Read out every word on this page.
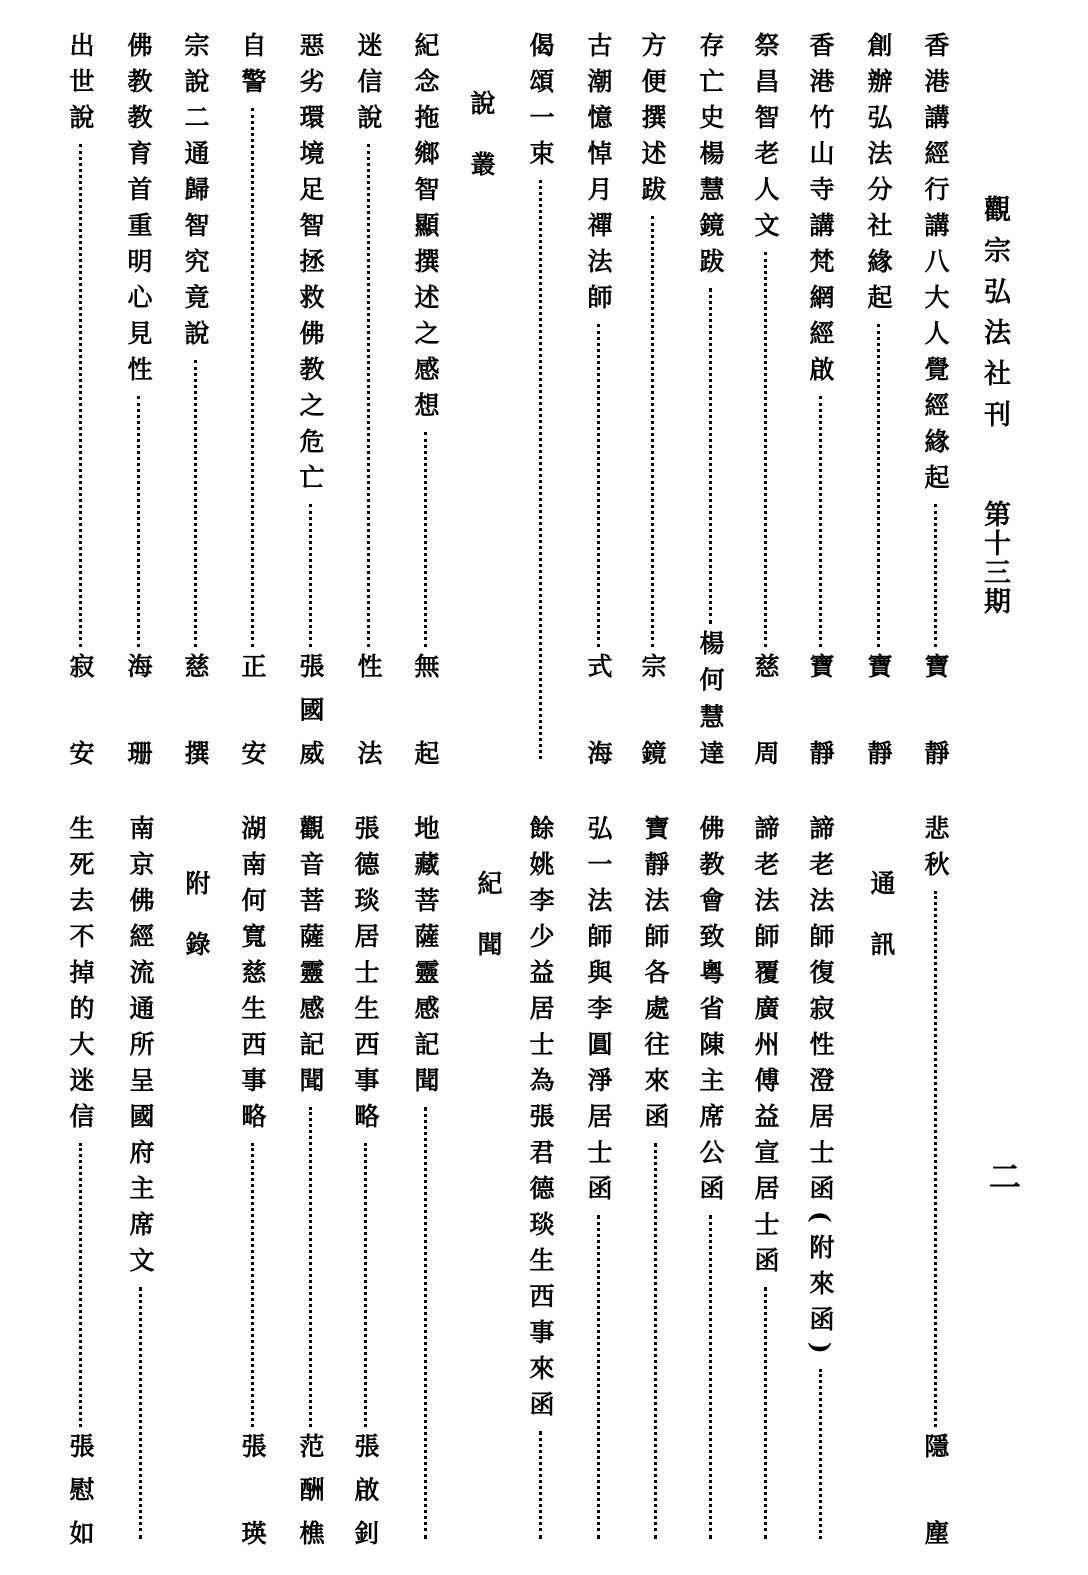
觀宗弘法社刊
第十三期
二
香港講經行講八大人覺經緣起
寶靜
創辦弘法分社緣起
寶靜
香港竹山寺講梵網經啟
寶靜
祭昌智老人文
慈周
存亡史楊慧鏡跋
楊何慧達
方便撰述跋
宗鏡
古潮憶悼月禪法師
式海
偈頌一束
說叢
紀念拖鄉智顯撰述之感想
無起
迷信說
性法
惡劣環境足智拯救佛教之危亡
張國威
自警
正安
宗說二通歸智究竟說
慈撰
佛教教育首重明心見性
海珊
出世說
寂安
悲秋
隱塵
通訊
諦老法師復寂性澄居士函(附來函)
諦老法師覆廣州傅益宣居士函
佛教會致粵省陳主席公函
寶靜法師各處往來函
弘一法師與李圓淨居士函
餘姚李少益居士為張君德琰生西事來函
紀聞
地藏菩薩靈感記聞
張德琰居士生西事略
張啟釗
觀音菩薩靈感記聞
范酬樵
湖南何寬慈生西事略
張瑛
附錄
南京佛經流通所呈國府主席文
生死去不掉的大迷信
張慰如
